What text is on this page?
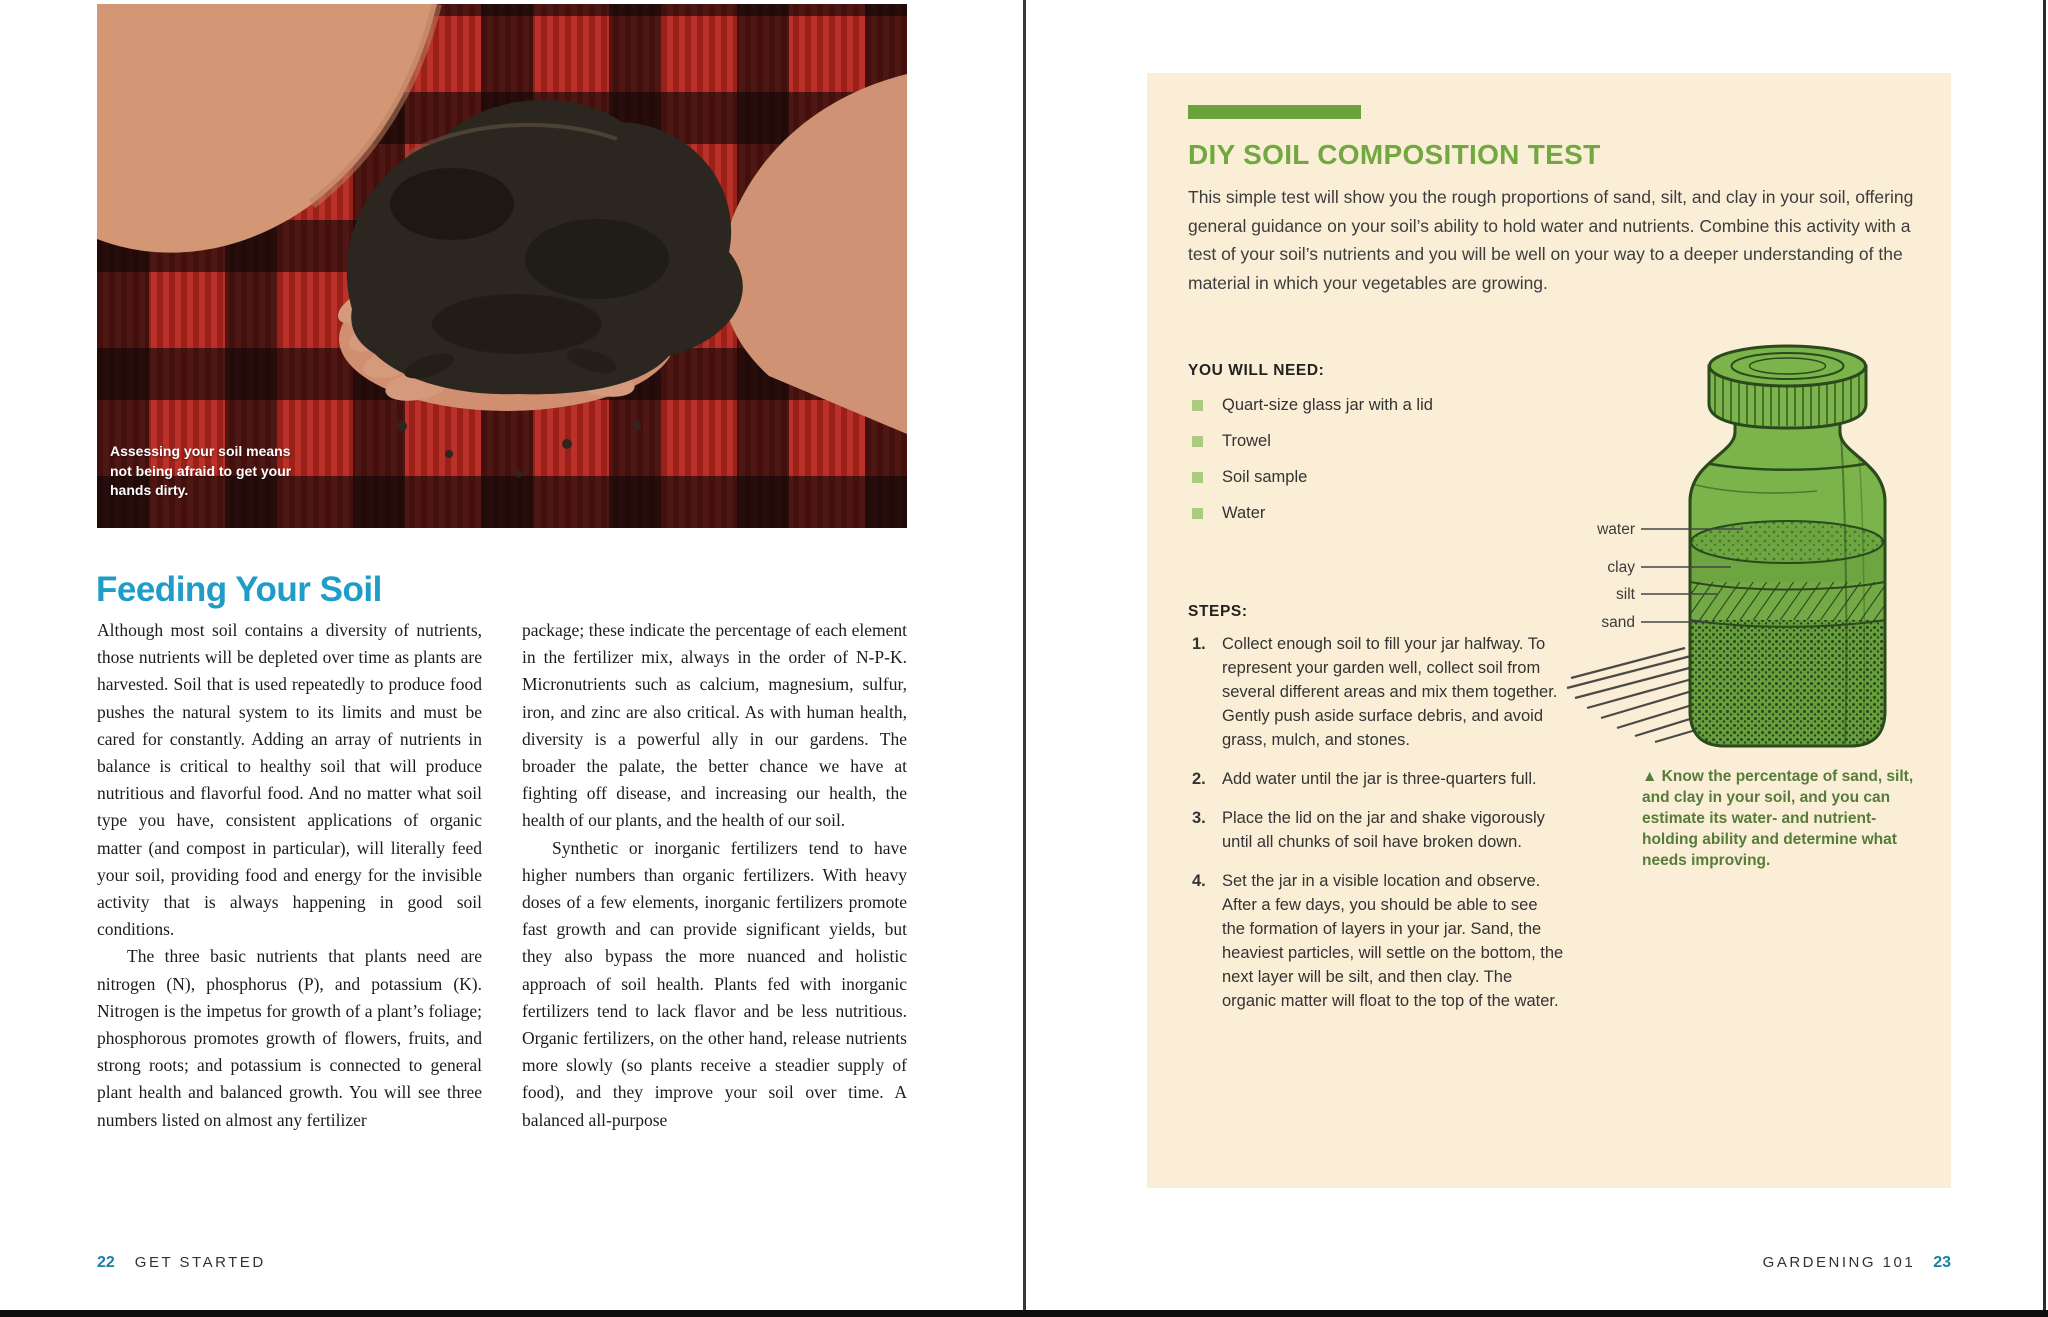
Assessing your soil means not being afraid to get your hands dirty.
Feeding Your Soil

Although most soil contains a diversity of nutrients, those nutrients will be depleted over time as plants are harvested. Soil that is used repeatedly to produce food pushes the natural system to its limits and must be cared for constantly. Adding an array of nutrients in balance is critical to healthy soil that will produce nutritious and flavorful food. And no matter what soil type you have, consistent applications of organic matter (and compost in particular), will literally feed your soil, providing food and energy for the invisible activity that is always happening in good soil conditions.

The three basic nutrients that plants need are nitrogen (N), phosphorus (P), and potassium (K). Nitrogen is the impetus for growth of a plant’s foliage; phosphorous promotes growth of flowers, fruits, and strong roots; and potassium is connected to general plant health and balanced growth. You will see three numbers listed on almost any fertilizer

package; these indicate the percentage of each element in the fertilizer mix, always in the order of N-P-K. Micronutrients such as calcium, magnesium, sulfur, iron, and zinc are also critical. As with human health, diversity is a powerful ally in our gardens. The broader the palate, the better chance we have at fighting off disease, and increasing our health, the health of our plants, and the health of our soil.

Synthetic or inorganic fertilizers tend to have higher numbers than organic fertilizers. With heavy doses of a few elements, inorganic fertilizers promote fast growth and can provide significant yields, but they also bypass the more nuanced and holistic approach of soil health. Plants fed with inorganic fertilizers tend to lack flavor and be less nutritious. Organic fertilizers, on the other hand, release nutrients more slowly (so plants receive a steadier supply of food), and they improve your soil over time. A balanced all-purpose

22 GET STARTED
DIY SOIL COMPOSITION TEST
This simple test will show you the rough proportions of sand, silt, and clay in your soil, offering general guidance on your soil’s ability to hold water and nutrients. Combine this activity with a test of your soil’s nutrients and you will be well on your way to a deeper understanding of the material in which your vegetables are growing.
YOU WILL NEED:
Quart-size glass jar with a lid
Trowel
Soil sample
Water
STEPS:
1. Collect enough soil to fill your jar halfway. To represent your garden well, collect soil from several different areas and mix them together. Gently push aside surface debris, and avoid grass, mulch, and stones.
2. Add water until the jar is three-quarters full.
3. Place the lid on the jar and shake vigorously until all chunks of soil have broken down.
4. Set the jar in a visible location and observe. After a few days, you should be able to see the formation of layers in your jar. Sand, the heaviest particles, will settle on the bottom, the next layer will be silt, and then clay. The organic matter will float to the top of the water.
water
clay
silt
sand
▲ Know the percentage of sand, silt, and clay in your soil, and you can estimate its water- and nutrient-holding ability and determine what needs improving.
GARDENING 101 23
